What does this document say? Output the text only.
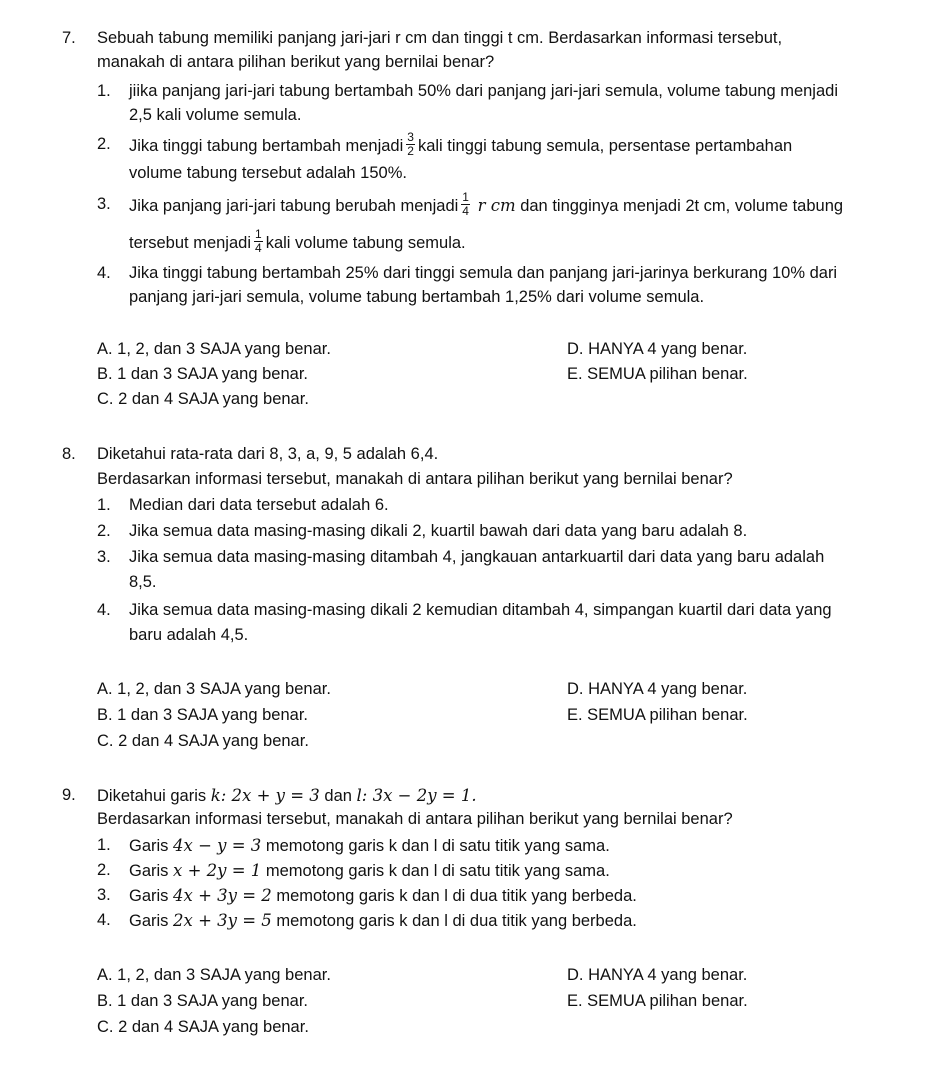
7. Sebuah tabung memiliki panjang jari-jari r cm dan tinggi t cm. Berdasarkan informasi tersebut,
manakah di antara pilihan berikut yang bernilai benar?
1. jiika panjang jari-jari tabung bertambah 50% dari panjang jari-jari semula, volume tabung menjadi
2,5 kali volume semula.
2. Jika tinggi tabung bertambah menjadi $\frac{3}{2}$ kali tinggi tabung semula, persentase pertambahan
volume tabung tersebut adalah 150%.
3. Jika panjang jari-jari tabung berubah menjadi $\frac{1}{4}$ r cm dan tingginya menjadi 2t cm, volume tabung
tersebut menjadi $\frac{1}{4}$ kali volume tabung semula.
4. Jika tinggi tabung bertambah 25% dari tinggi semula dan panjang jari-jarinya berkurang 10% dari
panjang jari-jari semula, volume tabung bertambah 1,25% dari volume semula.
A. 1, 2, dan 3 SAJA yang benar.
B. 1 dan 3 SAJA yang benar.
C. 2 dan 4 SAJA yang benar.
D. HANYA 4 yang benar.
E. SEMUA pilihan benar.
8. Diketahui rata-rata dari 8, 3, a, 9, 5 adalah 6,4.
Berdasarkan informasi tersebut, manakah di antara pilihan berikut yang bernilai benar?
1. Median dari data tersebut adalah 6.
2. Jika semua data masing-masing dikali 2, kuartil bawah dari data yang baru adalah 8.
3. Jika semua data masing-masing ditambah 4, jangkauan antarkuartil dari data yang baru adalah
8,5.
4. Jika semua data masing-masing dikali 2 kemudian ditambah 4, simpangan kuartil dari data yang
baru adalah 4,5.
A. 1, 2, dan 3 SAJA yang benar.
B. 1 dan 3 SAJA yang benar.
C. 2 dan 4 SAJA yang benar.
D. HANYA 4 yang benar.
E. SEMUA pilihan benar.
9. Diketahui garis k: 2x + y = 3 dan l: 3x − 2y = 1.
Berdasarkan informasi tersebut, manakah di antara pilihan berikut yang bernilai benar?
1. Garis 4x − y = 3 memotong garis k dan l di satu titik yang sama.
2. Garis x + 2y = 1 memotong garis k dan l di satu titik yang sama.
3. Garis 4x + 3y = 2 memotong garis k dan l di dua titik yang berbeda.
4. Garis 2x + 3y = 5 memotong garis k dan l di dua titik yang berbeda.
A. 1, 2, dan 3 SAJA yang benar.
B. 1 dan 3 SAJA yang benar.
C. 2 dan 4 SAJA yang benar.
D. HANYA 4 yang benar.
E. SEMUA pilihan benar.
